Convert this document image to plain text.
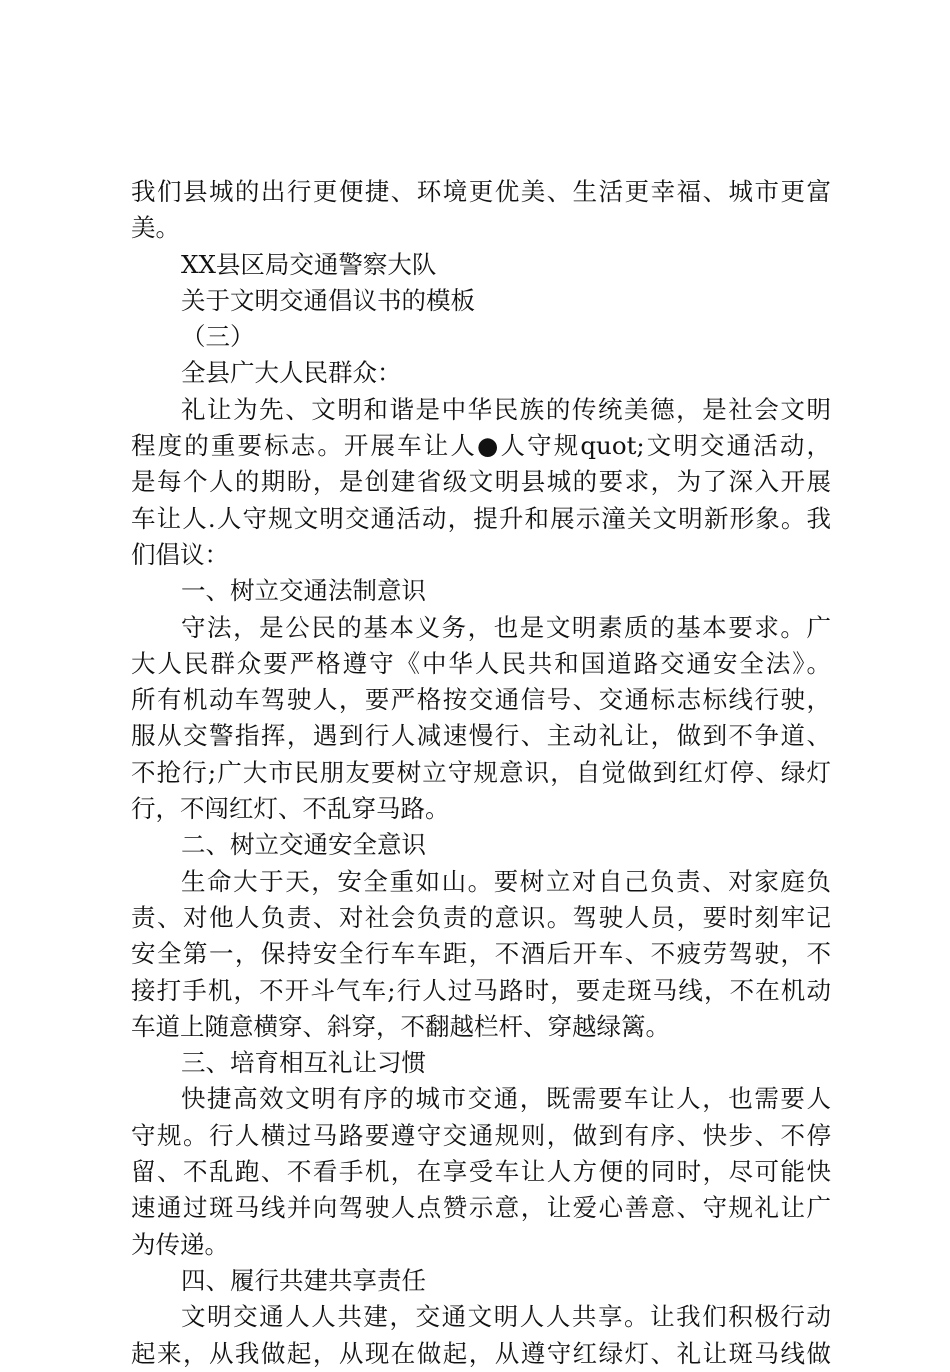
我们县城的出行更便捷、环境更优美、生活更幸福、城市更富
美。
XX县区局交通警察大队
关于文明交通倡议书的模板
（三）
全县广大人民群众：
礼让为先、文明和谐是中华民族的传统美德，是社会文明
程度的重要标志。开展车让人●人守规quot;文明交通活动，
是每个人的期盼，是创建省级文明县城的要求，为了深入开展
车让人.人守规文明交通活动，提升和展示潼关文明新形象。我
们倡议：
一、树立交通法制意识
守法，是公民的基本义务，也是文明素质的基本要求。广
大人民群众要严格遵守《中华人民共和国道路交通安全法》。
所有机动车驾驶人，要严格按交通信号、交通标志标线行驶，
服从交警指挥，遇到行人减速慢行、主动礼让，做到不争道、
不抢行;广大市民朋友要树立守规意识，自觉做到红灯停、绿灯
行，不闯红灯、不乱穿马路。
二、树立交通安全意识
生命大于天，安全重如山。要树立对自己负责、对家庭负
责、对他人负责、对社会负责的意识。驾驶人员，要时刻牢记
安全第一，保持安全行车车距，不酒后开车、不疲劳驾驶，不
接打手机，不开斗气车;行人过马路时，要走斑马线，不在机动
车道上随意横穿、斜穿，不翻越栏杆、穿越绿篱。
三、培育相互礼让习惯
快捷高效文明有序的城市交通，既需要车让人，也需要人
守规。行人横过马路要遵守交通规则，做到有序、快步、不停
留、不乱跑、不看手机，在享受车让人方便的同时，尽可能快
速通过斑马线并向驾驶人点赞示意，让爱心善意、守规礼让广
为传递。
四、履行共建共享责任
文明交通人人共建，交通文明人人共享。让我们积极行动
起来，从我做起，从现在做起，从遵守红绿灯、礼让斑马线做
